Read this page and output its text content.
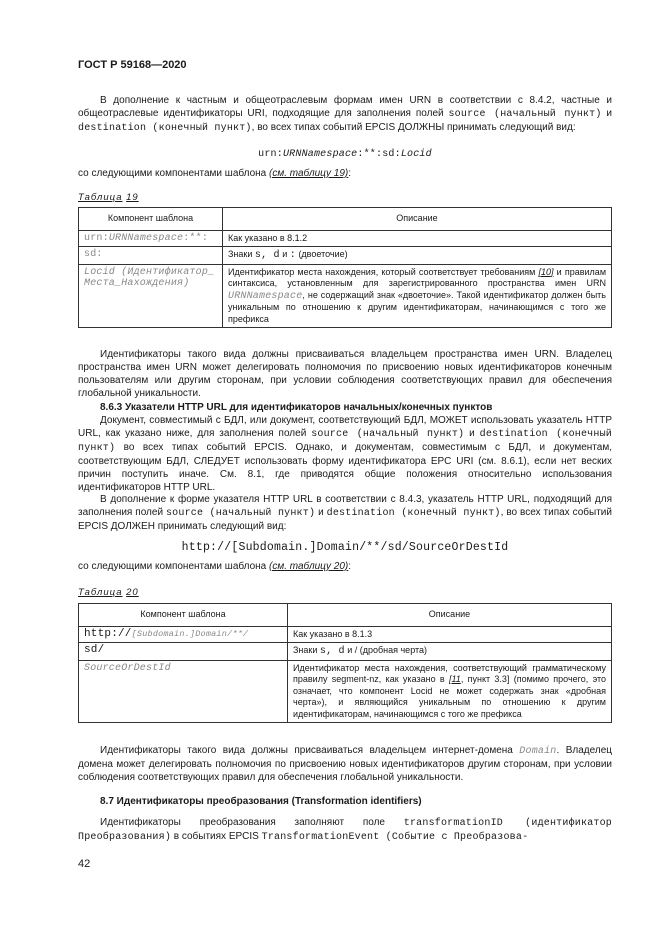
ГОСТ Р 59168—2020

В дополнение к частным и общеотраслевым формам имен URN в соответствии с 8.4.2, частные и общеотраслевые идентификаторы URI, подходящие для заполнения полей source (начальный пункт) и destination (конечный пункт), во всех типах событий EPCIS ДОЛЖНЫ принимать следующий вид:

urn:URNNamespace:**:sd:Locid

со следующими компонентами шаблона (см. таблицу 19):

Таблица 19

Компонент шаблона	Описание
urn:URNNamespace:**:	Как указано в 8.1.2
sd:	Знаки s, d и : (двоеточие)
Locid (Идентификатор_ Места_Нахождения)	Идентификатор места нахождения, который соответствует требованиям [10] и правилам синтаксиса, установленным для зарегистрированного пространства имен URN URNNamespace, не содержащий знак «двоеточие». Такой идентификатор должен быть уникальным по отношению к другим идентификаторам, начинающимся с того же префикса

Идентификаторы такого вида должны присваиваться владельцем пространства имен URN. Владелец пространства имен URN может делегировать полномочия по присвоению новых идентификаторов конечным пользователям или другим сторонам, при условии соблюдения соответствующих правил для обеспечения глобальной уникальности.

8.6.3 Указатели HTTP URL для идентификаторов начальных/конечных пунктов

Документ, совместимый с БДЛ, или документ, соответствующий БДЛ, МОЖЕТ использовать указатель HTTP URL, как указано ниже, для заполнения полей source (начальный пункт) и destination (конечный пункт) во всех типах событий EPCIS. Однако, и документам, совместимым с БДЛ, и документам, соответствующим БДЛ, СЛЕДУЕТ использовать форму идентификатора EPC URI (см. 8.6.1), если нет веских причин поступить иначе. См. 8.1, где приводятся общие положения относительно использования идентификаторов HTTP URL.

В дополнение к форме указателя HTTP URL в соответствии с 8.4.3, указатель HTTP URL, подходящий для заполнения полей source (начальный пункт) и destination (конечный пункт), во всех типах событий EPCIS ДОЛЖЕН принимать следующий вид:

http://[Subdomain.]Domain/**/sd/SourceOrDestId

со следующими компонентами шаблона (см. таблицу 20):

Таблица 20

Компонент шаблона	Описание
http://[Subdomain.]Domain/**/	Как указано в 8.1.3
sd/	Знаки s, d и / (дробная черта)
SourceOrDestId	Идентификатор места нахождения, соответствующий грамматическому правилу segment-nz, как указано в [11, пункт 3.3] (помимо прочего, это означает, что компонент Locid не может содержать знак «дробная черта»), и являющийся уникальным по отношению к другим идентификаторам, начинающимся с того же префикса

Идентификаторы такого вида должны присваиваться владельцем интернет-домена Domain. Владелец домена может делегировать полномочия по присвоению новых идентификаторов другим сторонам, при условии соблюдения соответствующих правил для обеспечения глобальной уникальности.

8.7 Идентификаторы преобразования (Transformation identifiers)

Идентификаторы преобразования заполняют поле transformationID (идентификатор Преобразования) в событиях EPCIS TransformationEvent (Событие с Преобразова-

42
